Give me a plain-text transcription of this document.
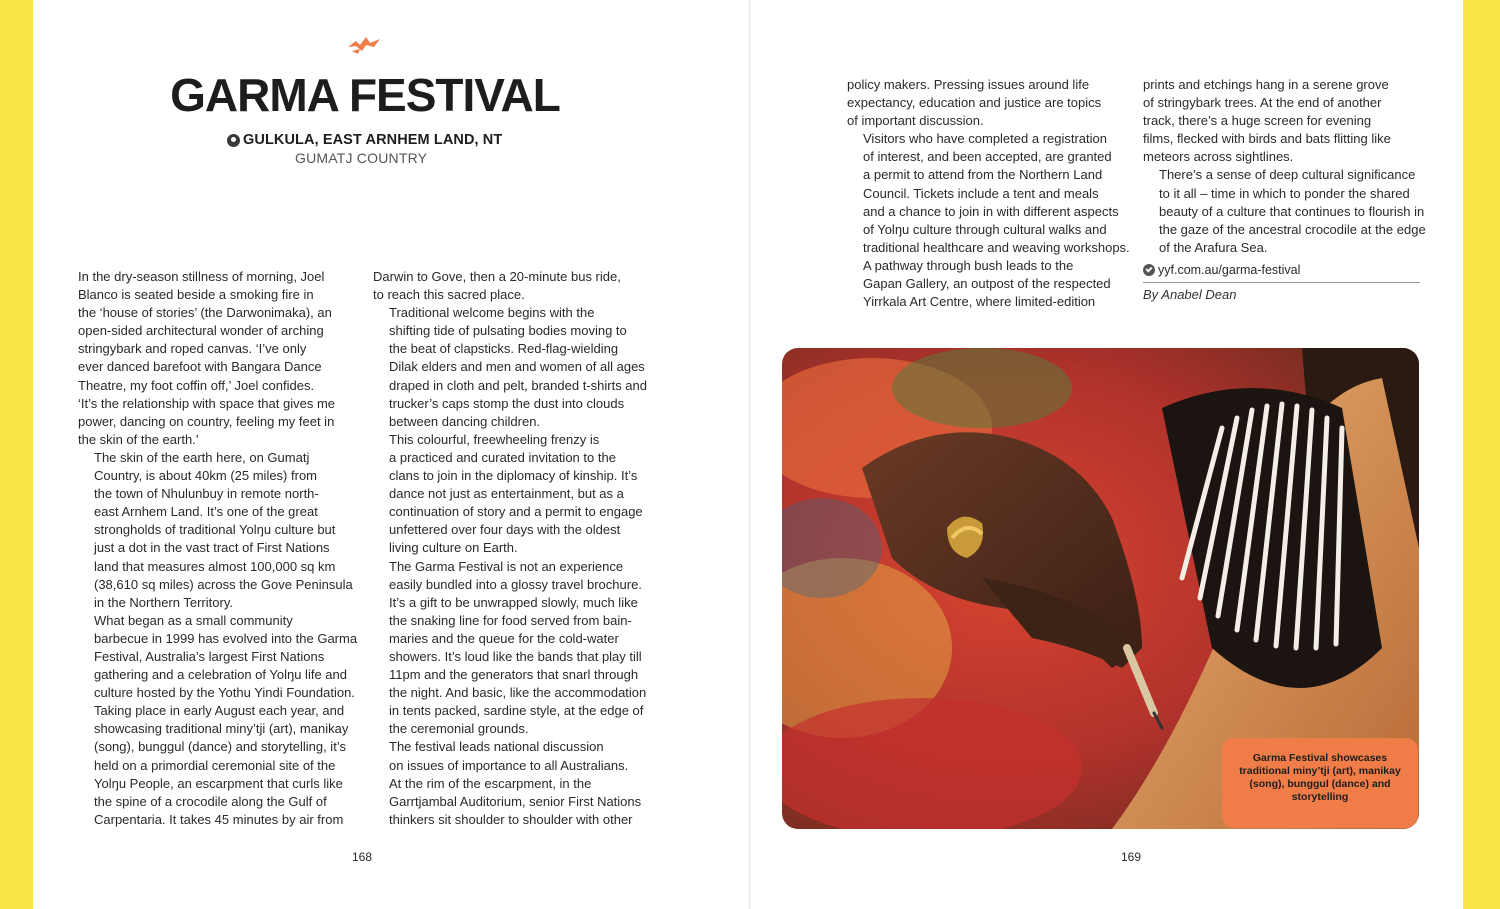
GARMA FESTIVAL
GULKULA, EAST ARNHEM LAND, NT
GUMATJ COUNTRY

In the dry-season stillness of morning, Joel
Blanco is seated beside a smoking fire in
the ‘house of stories’ (the Darwonimaka), an
open-sided architectural wonder of arching
stringybark and roped canvas. ‘I’ve only
ever danced barefoot with Bangara Dance
Theatre, my foot coffin off,’ Joel confides.
‘It’s the relationship with space that gives me
power, dancing on country, feeling my feet in
the skin of the earth.’

The skin of the earth here, on Gumatj
Country, is about 40km (25 miles) from
the town of Nhulunbuy in remote north-
east Arnhem Land. It’s one of the great
strongholds of traditional Yolŋu culture but
just a dot in the vast tract of First Nations
land that measures almost 100,000 sq km
(38,610 sq miles) across the Gove Peninsula
in the Northern Territory.

What began as a small community
barbecue in 1999 has evolved into the Garma
Festival, Australia’s largest First Nations
gathering and a celebration of Yolŋu life and
culture hosted by the Yothu Yindi Foundation.
Taking place in early August each year, and
showcasing traditional miny’tji (art), manikay
(song), bunggul (dance) and storytelling, it’s
held on a primordial ceremonial site of the
Yolŋu People, an escarpment that curls like
the spine of a crocodile along the Gulf of
Carpentaria. It takes 45 minutes by air from

Darwin to Gove, then a 20-minute bus ride,
to reach this sacred place.

Traditional welcome begins with the
shifting tide of pulsating bodies moving to
the beat of clapsticks. Red-flag-wielding
Dilak elders and men and women of all ages
draped in cloth and pelt, branded t-shirts and
trucker’s caps stomp the dust into clouds
between dancing children.

This colourful, freewheeling frenzy is
a practiced and curated invitation to the
clans to join in the diplomacy of kinship. It’s
dance not just as entertainment, but as a
continuation of story and a permit to engage
unfettered over four days with the oldest
living culture on Earth.

The Garma Festival is not an experience
easily bundled into a glossy travel brochure.
It’s a gift to be unwrapped slowly, much like
the snaking line for food served from bain-
maries and the queue for the cold-water
showers. It’s loud like the bands that play till
11pm and the generators that snarl through
the night. And basic, like the accommodation
in tents packed, sardine style, at the edge of
the ceremonial grounds.

The festival leads national discussion
on issues of importance to all Australians.
At the rim of the escarpment, in the
Garrtjambal Auditorium, senior First Nations
thinkers sit shoulder to shoulder with other

168

policy makers. Pressing issues around life
expectancy, education and justice are topics
of important discussion.

Visitors who have completed a registration
of interest, and been accepted, are granted
a permit to attend from the Northern Land
Council. Tickets include a tent and meals
and a chance to join in with different aspects
of Yolŋu culture through cultural walks and
traditional healthcare and weaving workshops.

A pathway through bush leads to the
Gapan Gallery, an outpost of the respected
Yirrkala Art Centre, where limited-edition

prints and etchings hang in a serene grove
of stringybark trees. At the end of another
track, there’s a huge screen for evening
films, flecked with birds and bats flitting like
meteors across sightlines.

There’s a sense of deep cultural significance
to it all – time in which to ponder the shared
beauty of a culture that continues to flourish in
the gaze of the ancestral crocodile at the edge
of the Arafura Sea.

yyf.com.au/garma-festival
By Anabel Dean
Garma Festival showcases traditional miny’tji (art), manikay (song), bunggul (dance) and storytelling
169
